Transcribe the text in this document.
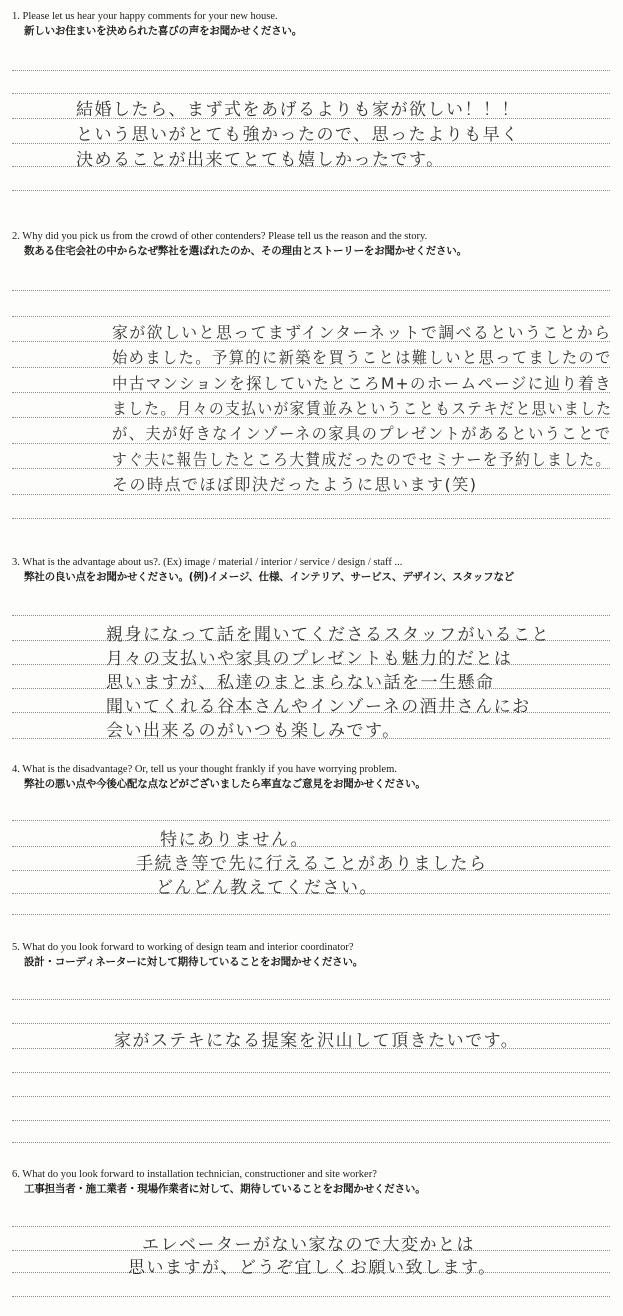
1. Please let us hear your happy comments for your new house.
新しいお住まいを決められた喜びの声をお聞かせください。
結婚したら、まず式をあげるよりも家が欲しい！！！
という思いがとても強かったので、思ったよりも早く
決めることが出来てとても嬉しかったです。
2. Why did you pick us from the crowd of other contenders? Please tell us the reason and the story.
数ある住宅会社の中からなぜ弊社を選ばれたのか、その理由とストーリーをお聞かせください。
家が欲しいと思ってまずインターネットで調べるということから
始めました。予算的に新築を買うことは難しいと思ってましたので
中古マンションを探していたところM+のホームページに辿り着き
ました。月々の支払いが家賃並みということもステキだと思いました
が、夫が好きなインゾーネの家具のプレゼントがあるということで
すぐ夫に報告したところ大賛成だったのでセミナーを予約しました。
その時点でほぼ即決だったように思います(笑)
3. What is the advantage about us?. (Ex) image / material / interior / service / design / staff ...
弊社の良い点をお聞かせください。(例)イメージ、仕様、インテリア、サービス、デザイン、スタッフなど
親身になって話を聞いてくださるスタッフがいること
月々の支払いや家具のプレゼントも魅力的だとは
思いますが、私達のまとまらない話を一生懸命
聞いてくれる谷本さんやインゾーネの酒井さんにお
会い出来るのがいつも楽しみです。
4. What is the disadvantage? Or, tell us your thought frankly if you have worrying problem.
弊社の悪い点や今後心配な点などがございましたら率直なご意見をお聞かせください。
特にありません。
手続き等で先に行えることがありましたら
どんどん教えてください。
5. What do you look forward to working of design team and interior coordinator?
設計・コーディネーターに対して期待していることをお聞かせください。
家がステキになる提案を沢山して頂きたいです。
6. What do you look forward to installation technician, constructioner and site worker?
工事担当者・施工業者・現場作業者に対して、期待していることをお聞かせください。
エレベーターがない家なので大変かとは
思いますが、どうぞ宜しくお願い致します。
